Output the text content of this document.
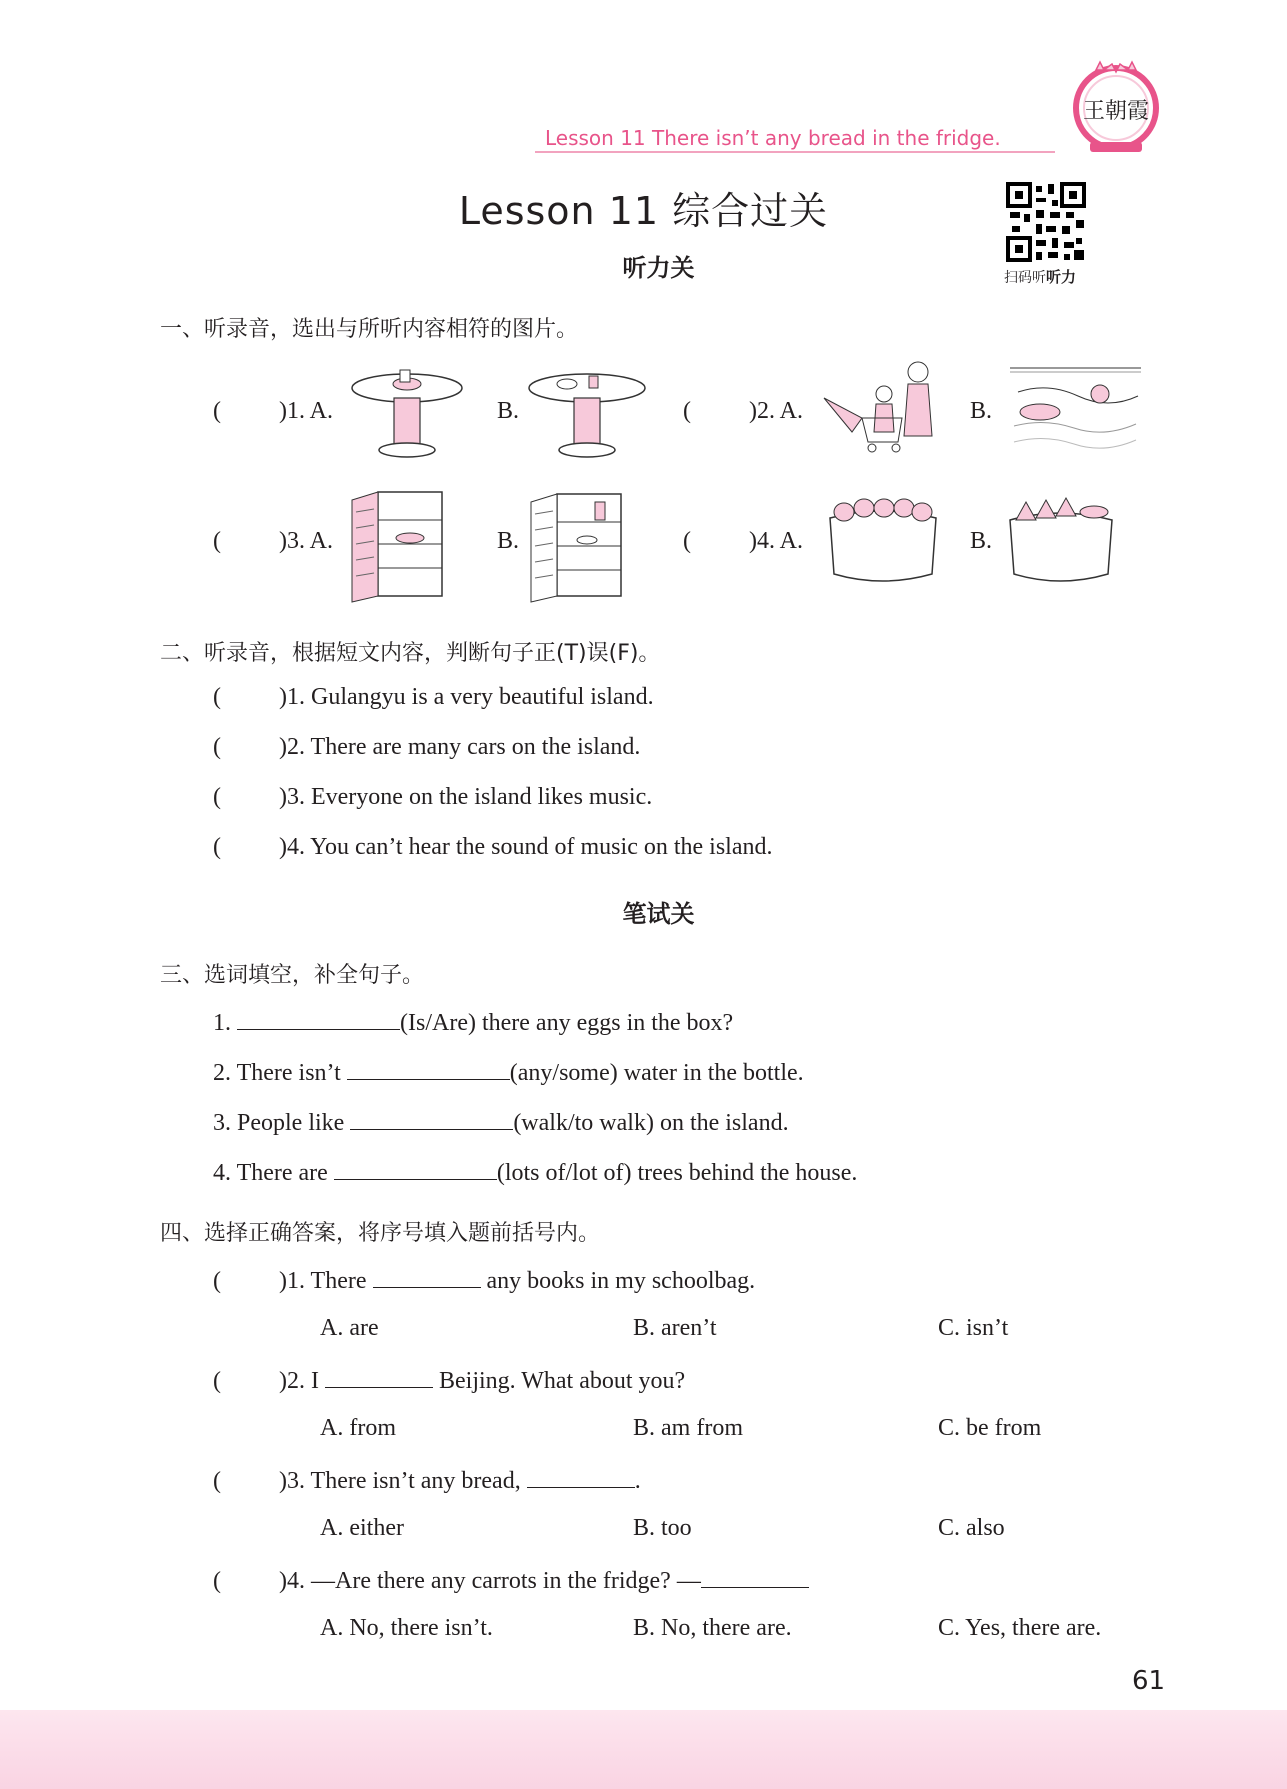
Lesson 11 There isn’t any bread in the fridge.
王朝霞
Lesson 11 综合过关
听力关	扫码听听力
一、听录音，选出与所听内容相符的图片。
( )1. A.	B.	( )2. A.	B.
( )3. A.	B.	( )4. A.	B.
二、听录音，根据短文内容，判断句子正(T)误(F)。
( )1. Gulangyu is a very beautiful island.
( )2. There are many cars on the island.
( )3. Everyone on the island likes music.
( )4. You can’t hear the sound of music on the island.
笔试关
三、选词填空，补全句子。
1.	(Is/Are) there any eggs in the box?
2. There isn’t	(any/some) water in the bottle.
3. People like	(walk/to walk) on the island.
4. There are	(lots of/lot of) trees behind the house.
四、选择正确答案，将序号填入题前括号内。
( )1. There	any books in my schoolbag.
A. are	B. aren’t	C. isn’t
( )2. I	Beijing. What about you?
A. from	B. am from	C. be from
( )3. There isn’t any bread,	.
A. either	B. too	C. also
( )4. —Are there any carrots in the fridge? —
A. No, there isn’t.	B. No, there are.	C. Yes, there are.
61
